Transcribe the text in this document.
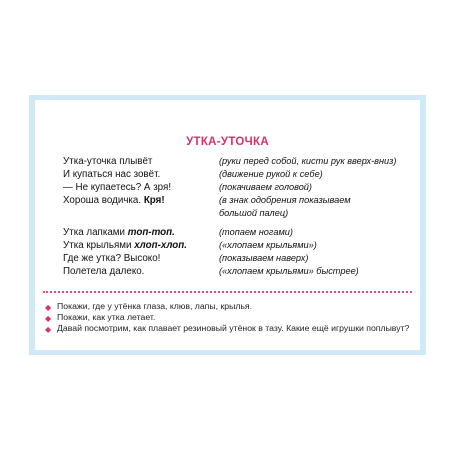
УТКА-УТОЧКА
Утка-уточка плывёт	(руки перед собой, кисти рук вверх-вниз)
И купаться нас зовёт.	(движение рукой к себе)
— Не купаетесь? А зря!	(покачиваем головой)
Хороша водичка. Кря!	(в знак одобрения показываем
большой палец)
Утка лапками топ-топ.	(топаем ногами)
Утка крыльями хлоп-хлоп.	(«хлопаем крыльями»)
Где же утка? Высоко!	(показываем наверх)
Полетела далеко.	(«хлопаем крыльями» быстрее)
◆ Покажи, где у утёнка глаза, клюв, лапы, крылья.
◆ Покажи, как утка летает.
◆ Давай посмотрим, как плавает резиновый утёнок в тазу. Какие ещё игрушки поплывут?
